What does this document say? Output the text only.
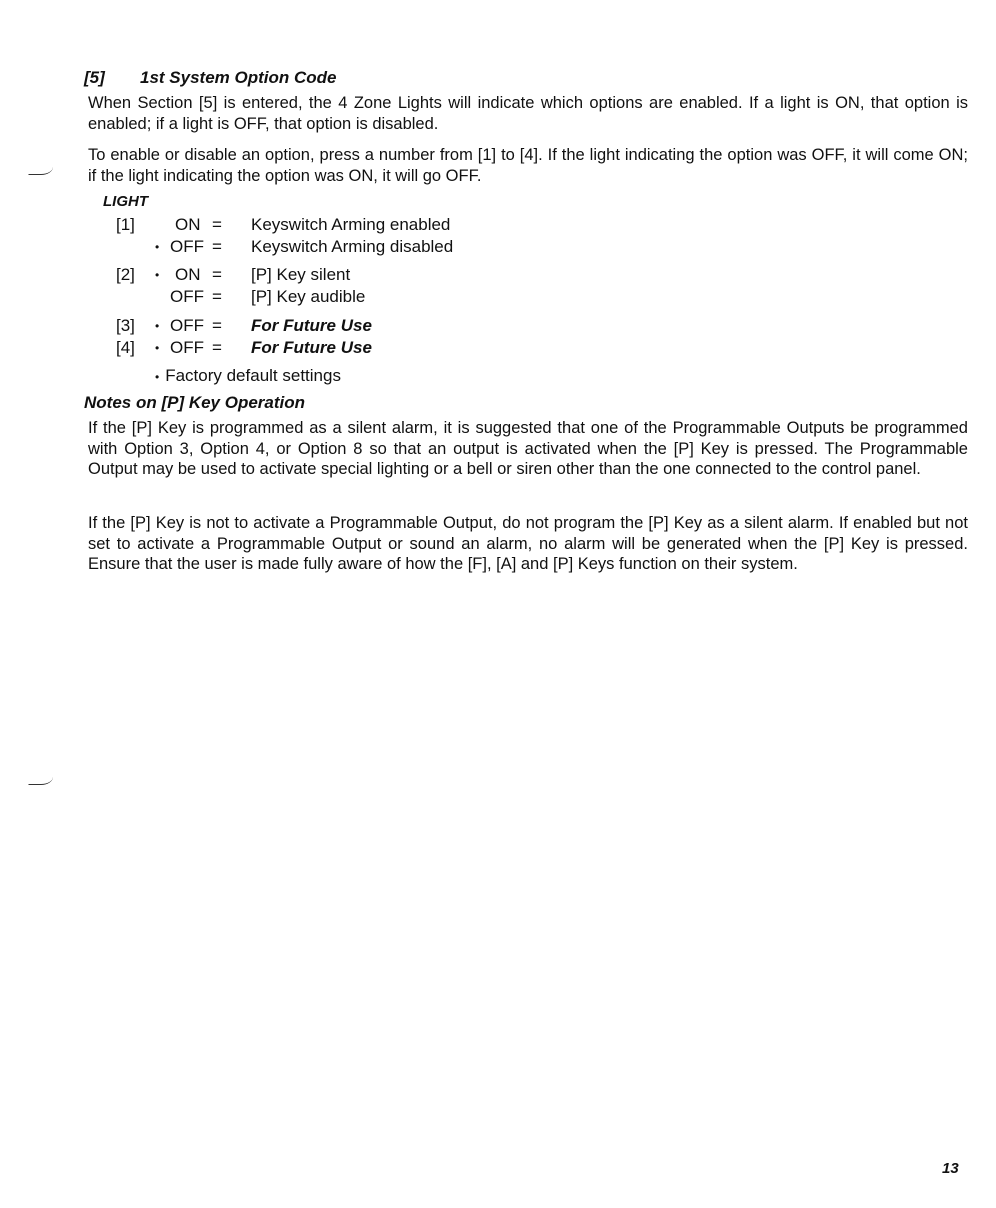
[5] 1st System Option Code

When Section [5] is entered, the 4 Zone Lights will indicate which options are enabled. If a light is ON, that option is enabled; if a light is OFF, that option is disabled.

To enable or disable an option, press a number from [1] to [4]. If the light indicating the option was OFF, it will come ON; if the light indicating the option was ON, it will go OFF.

LIGHT
[1] ON = Keyswitch Arming enabled
• OFF = Keyswitch Arming disabled
[2] • ON = [P] Key silent
OFF = [P] Key audible
[3] • OFF = For Future Use
[4] • OFF = For Future Use
• Factory default settings
Notes on [P] Key Operation

If the [P] Key is programmed as a silent alarm, it is suggested that one of the Programmable Outputs be programmed with Option 3, Option 4, or Option 8 so that an output is activated when the [P] Key is pressed. The Programmable Output may be used to activate special lighting or a bell or siren other than the one connected to the control panel.

If the [P] Key is not to activate a Programmable Output, do not program the [P] Key as a silent alarm. If enabled but not set to activate a Programmable Output or sound an alarm, no alarm will be generated when the [P] Key is pressed. Ensure that the user is made fully aware of how the [F], [A] and [P] Keys function on their system.

13
